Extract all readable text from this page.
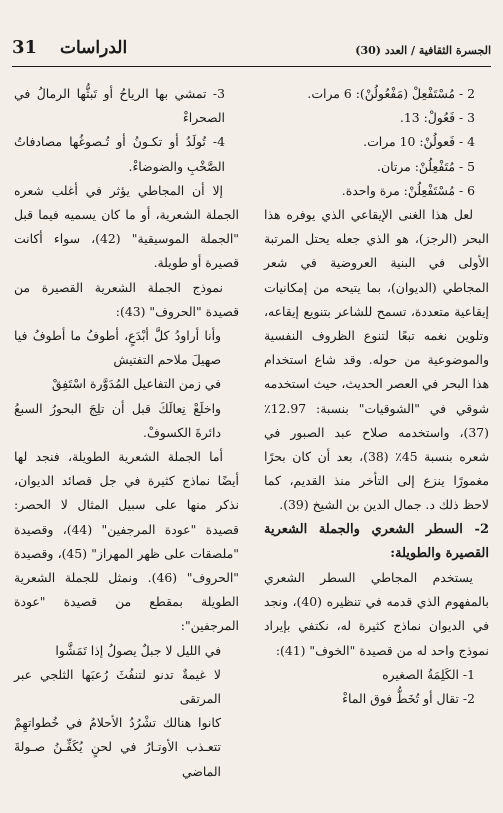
الجسرة الثقافية / العدد (30)
الدراسات
31

2 - مُسْتَفْعِلْ (مَفْعُولُنْ): 6 مرات.

3 - فَعُولْ: 13.

4 - فَعولُنْ: 10 مرات.

5 - مُتَفْعِلُنْ: مرتان.

6 - مُسْتَفْعِلُنْ: مرة واحدة.

لعل هذا الغنى الإيقاعي الذي يوفره هذا البحر (الرجز)، هو الذي جعله يحتل المرتبة الأولى في البنية العروضية في شعر المجاطي (الديوان)، بما يتيحه من إمكانيات إيقاعية متعددة، تسمح للشاعر بتنويع إيقاعه، وتلوين نغمه تبعًا لتنوع الظروف النفسية والموضوعية من حوله. وقد شاع استخدام هذا البحر في العصر الحديث، حيث استخدمه شوقي في "الشوقيات" بنسبة: 12.97٪ (37)، واستخدمه صلاح عبد الصبور في شعره بنسبة 45٪ (38)، بعد أن كان بحرًا مغمورًا ينزع إلى التأخر منذ القديم، كما لاحظ ذلك د. جمال الدين بن الشيخ (39).

2- السطر الشعري والجملة الشعرية القصيرة والطويلة:

يستخدم المجاطي السطر الشعري بالمفهوم الذي قدمه في تنظيره (40)، ونجد في الديوان نماذج كثيرة له، نكتفي بإيراد نموذج واحد له من قصيدة "الخوف" (41):

1- الكَلِمَةُ الصغيره

2- تقال أو تُخَطُّ فوق الماءْ

3- تمشي بها الرياحُ أو تَبثُّها الرمالُ في الصحراءْ

4- تُولَدُ أو تكـونُ أو تُـصوغُها مصادفاتُ الصَّخْبِ والضوضاءْ.

إلا أن المجاطي يؤثر في أغلب شعره الجملة الشعرية، أو ما كان يسميه فيما قبل "الجملة الموسيقية" (42)، سواء أكانت قصيرة أو طويلة.

نموذج الجملة الشعرية القصيرة من قصيدة "الحروف" (43):

وأنا أراودُ كلَّ أبْدَعٍ، أطوفُ ما أطوفُ فيا صهيلَ ملاحم التفتيش

في زمن التفاعيل المُدَوَّرة اسْتَفِقْ

واخلَعْ نِعالَكَ قبل أن تلِجَ البحورُ السبعُ دائرةَ الكسوفْ.

أما الجملة الشعرية الطويلة، فنجد لها أيضًا نماذج كثيرة في جل قصائد الديوان، نذكر منها على سبيل المثال لا الحصر: قصيدة "عودة المرجفين" (44)، وقصيدة "ملصقات على ظهر المهراز" (45)، وقصيدة "الحروف" (46). ونمثل للجملة الشعرية الطويلة بمقطع من قصيدة "عودة المرجفين":

في الليل لا جبلٌ يصولُ إذا تَمَشَّوا

لا غيمةٌ تدنو لتنفُثَ رُعبَها الثلجي عبر المرتقى

كانوا هنالك تشْرُدُ الأحلامُ في خُطواتهِمْ تتعـذب الأوتـارُ في لحنٍ يُكَفِّـنُ صـولةَ الماضي
